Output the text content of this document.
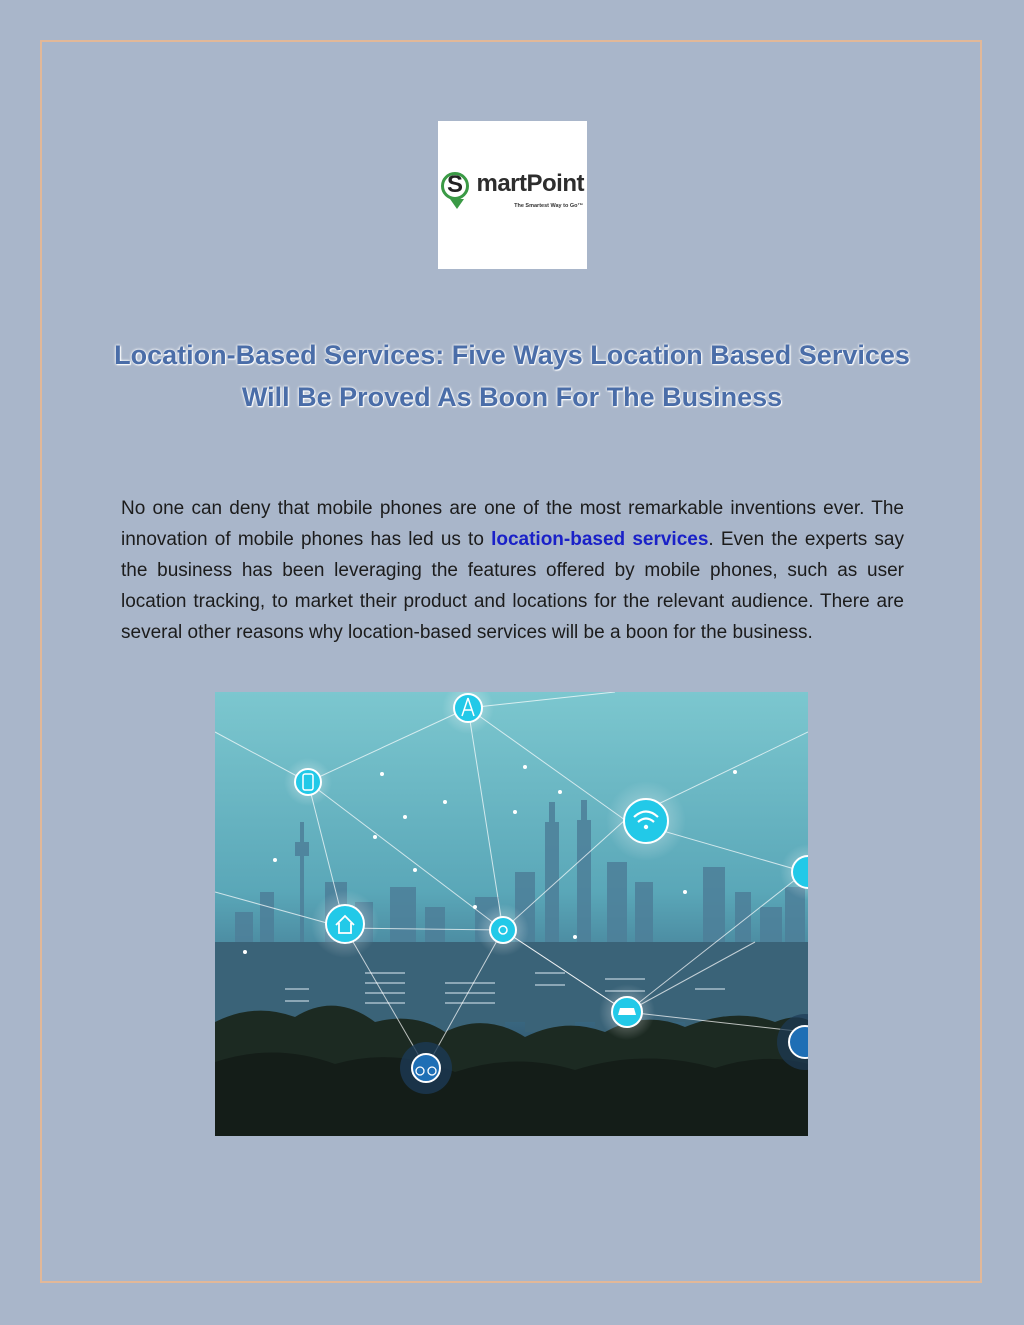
S martPoint
The Smartest Way to Go™
Location-Based Services: Five Ways Location Based Services Will Be Proved As Boon For The Business

No one can deny that mobile phones are one of the most remarkable inventions ever. The innovation of mobile phones has led us to location-based services. Even the experts say the business has been leveraging the features offered by mobile phones, such as user location tracking, to market their product and locations for the relevant audience. There are several other reasons why location-based services will be a boon for the business.
